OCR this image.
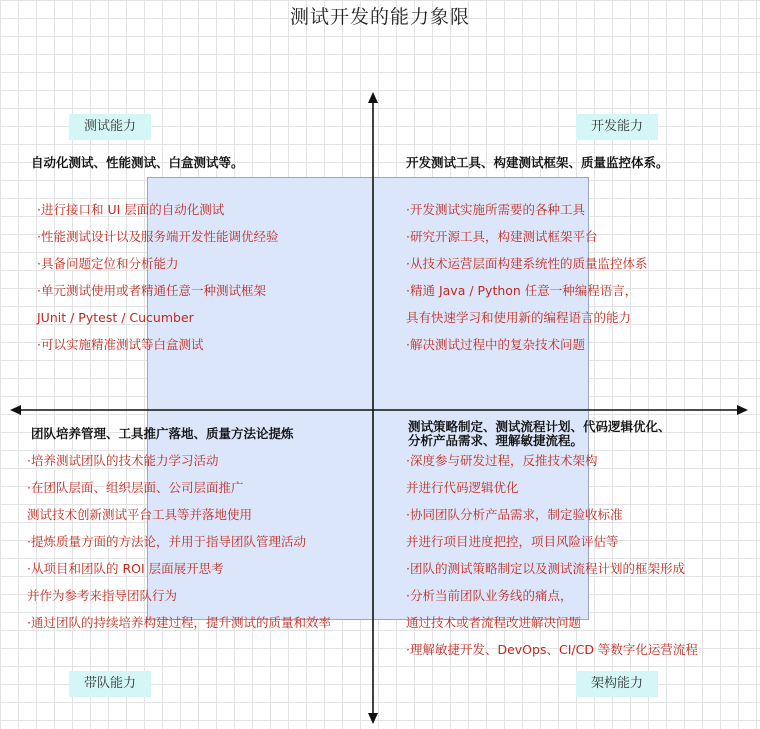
测试开发的能力象限
测试能力	开发能力
带队能力	架构能力
自动化测试、性能测试、白盒测试等。
·进行接口和 UI 层面的自动化测试
·性能测试设计以及服务端开发性能调优经验
·具备问题定位和分析能力
·单元测试使用或者精通任意一种测试框架
JUnit / Pytest / Cucumber
·可以实施精准测试等白盒测试
开发测试工具、构建测试框架、质量监控体系。
·开发测试实施所需要的各种工具
·研究开源工具，构建测试框架平台
·从技术运营层面构建系统性的质量监控体系
·精通 Java / Python 任意一种编程语言，
具有快速学习和使用新的编程语言的能力
·解决测试过程中的复杂技术问题
团队培养管理、工具推广落地、质量方法论提炼
·培养测试团队的技术能力学习活动
·在团队层面、组织层面、公司层面推广
测试技术创新测试平台工具等并落地使用
·提炼质量方面的方法论，并用于指导团队管理活动
·从项目和团队的 ROI 层面展开思考
并作为参考来指导团队行为
·通过团队的持续培养构建过程，提升测试的质量和效率
测试策略制定、测试流程计划、代码逻辑优化、
分析产品需求、理解敏捷流程。
·深度参与研发过程，反推技术架构
并进行代码逻辑优化
·协同团队分析产品需求，制定验收标准
并进行项目进度把控，项目风险评估等
·团队的测试策略制定以及测试流程计划的框架形成
·分析当前团队业务线的痛点，
通过技术或者流程改进解决问题
·理解敏捷开发、DevOps、CI/CD 等数字化运营流程
